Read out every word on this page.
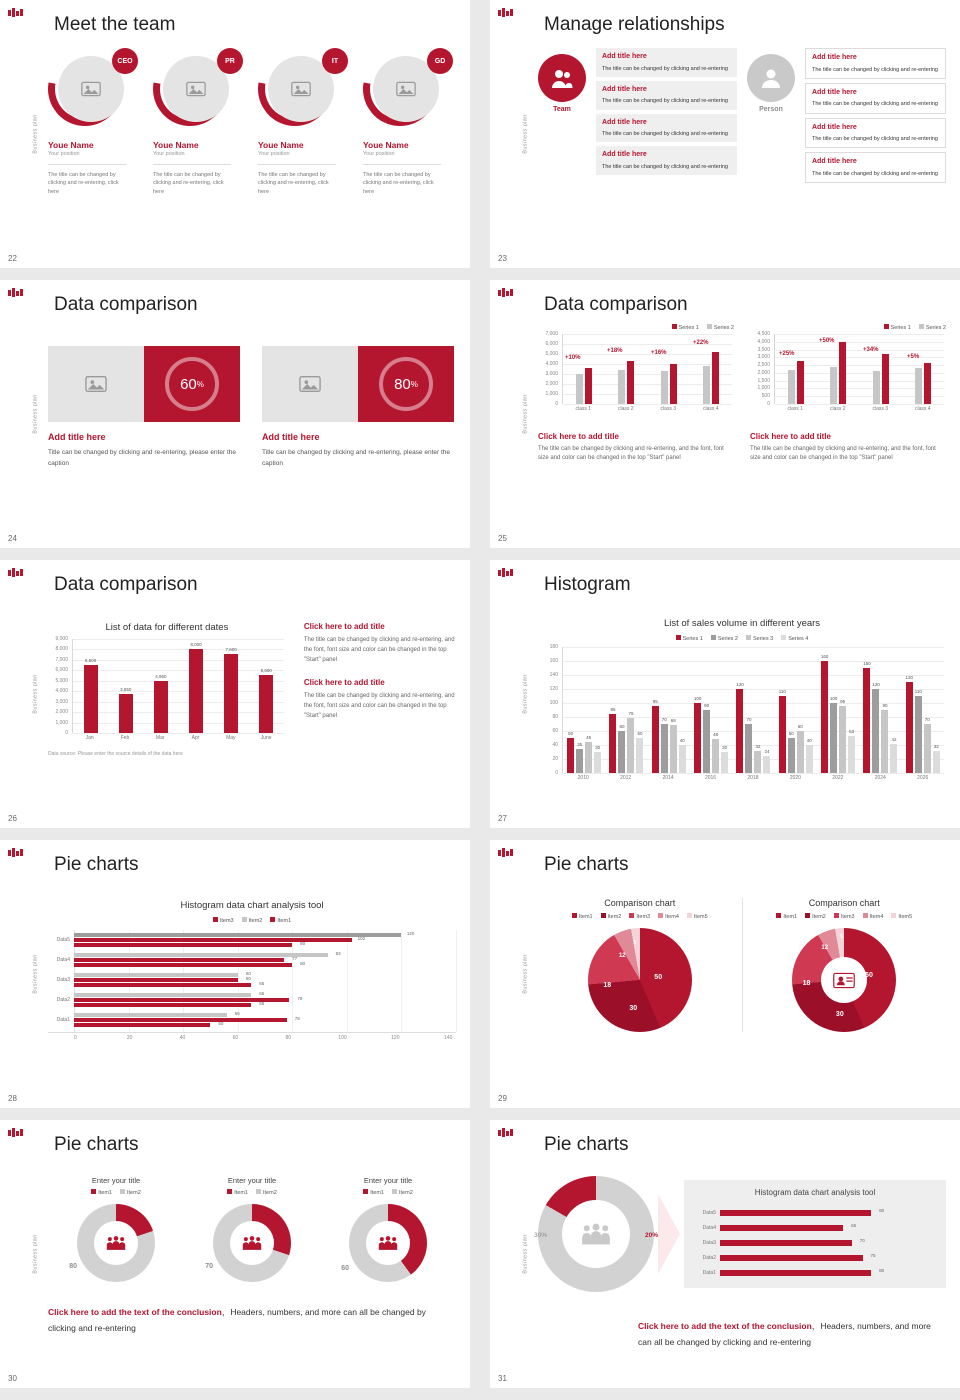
Business plan
22
Meet the team
CEO
Youe Name
Your position
The title can be changed by clicking and re-entering, click here
PR
Youe Name
Your position
The title can be changed by clicking and re-entering, click here
IT
Youe Name
Your position
The title can be changed by clicking and re-entering, click here
GD
Youe Name
Your position
The title can be changed by clicking and re-entering, click here
Business plan
23
Manage relationships
Team
Add title here
The title can be changed by clicking and re-entering
Add title here
The title can be changed by clicking and re-entering
Add title here
The title can be changed by clicking and re-entering
Add title here
The title can be changed by clicking and re-entering
Person
Add title here
The title can be changed by clicking and re-entering
Add title here
The title can be changed by clicking and re-entering
Add title here
The title can be changed by clicking and re-entering
Add title here
The title can be changed by clicking and re-entering
Business plan
24
Data comparison
60 %
Add title here
Title can be changed by clicking and re-entering, please enter the caption
80 %
Add title here
Title can be changed by clicking and re-entering, please enter the caption
Business plan
25
Data comparison
Series 1	Series 2
7,000
6,000
5,000
4,000
3,000
2,000
1,000
0
+10%
+18%	+16%
+22%
class 1	class 2	class 3	class 4
Click here to add title
The title can be changed by clicking and re-entering, and the font, font size and color can be changed in the top "Start" panel
Series 1	Series 2
4,500
4,000
3,500
3,000
2,500
2,000
1,500
1,000
500
0
+25%
+50%
+34%
+5%
class 1	class 2	class 3	class 4
Click here to add title
The title can be changed by clicking and re-entering, and the font, font size and color can be changed in the top "Start" panel
Business plan
26
Data comparison
List of data for different dates
9,000
8,000
7,000
6,000
5,000
4,000
3,000
2,000
1,000
0
6,500
3,650
4,950
8,000
7,600
5,600
Jan	Feb	Mar	Apr	May	June
Data source: Please enter the source details of the data here
Click here to add title

The title can be changed by clicking and re-entering, and the font, font size and color can be changed in the top "Start" panel

Click here to add title

The title can be changed by clicking and re-entering, and the font, font size and color can be changed in the top "Start" panel

Business plan
27
Histogram
List of sales volume in different years
Series 1	Series 2	Series 3	Series 4
180
160
140
120
100
80
60
40
20
0
50
35
45
30
85
60
78
50
95
70 68
40
100
90
48
30
120
70
32
24
110
50
60
40
160
100
95
53
150
120
90
42
130
110
70
32
2010	2012	2014	2016	2018	2020	2022	2024	2026
Business plan
28
Pie charts
Histogram data chart analysis tool
Item3	Item2	Item1
Data5
120
102
80
Data4
93
77
80
Data3
60
60
65
Data2
65
79
65
Data1
56
78
50
0	20	40	60	80	100	120	140
Business plan
29
Pie charts
Comparison chart
Item1	Item2	Item3	Item4	Item5
50
30
18
12
5
Comparison chart
Item1	Item2	Item3	Item4	Item5
50
30
18
12
5
Business plan
30
Pie charts
Enter your title
Item1	Item2
20
80
Enter your title
Item1	Item2
30
70
Enter your title
Item1	Item2
40
60
Click here to add the text of the conclusion，Headers, numbers, and more can all be changed by clicking and re-entering
Business plan
31
Pie charts
30%	20%
Histogram data chart analysis tool
Data5	80
Data4	65
Data3	70
Data2	75
Data1	80
Click here to add the text of the conclusion，Headers, numbers, and more can all be changed by clicking and re-entering
